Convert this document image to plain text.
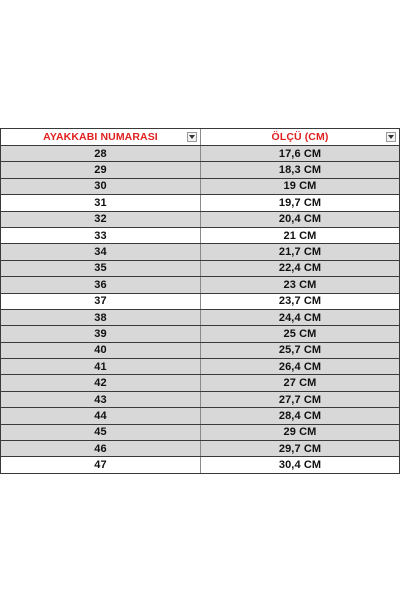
AYAKKABI NUMARASI	ÖLÇÜ (CM)
28	17,6 CM
29	18,3 CM
30	19 CM
31	19,7 CM
32	20,4 CM
33	21 CM
34	21,7 CM
35	22,4 CM
36	23 CM
37	23,7 CM
38	24,4 CM
39	25 CM
40	25,7 CM
41	26,4 CM
42	27 CM
43	27,7 CM
44	28,4 CM
45	29 CM
46	29,7 CM
47	30,4 CM
